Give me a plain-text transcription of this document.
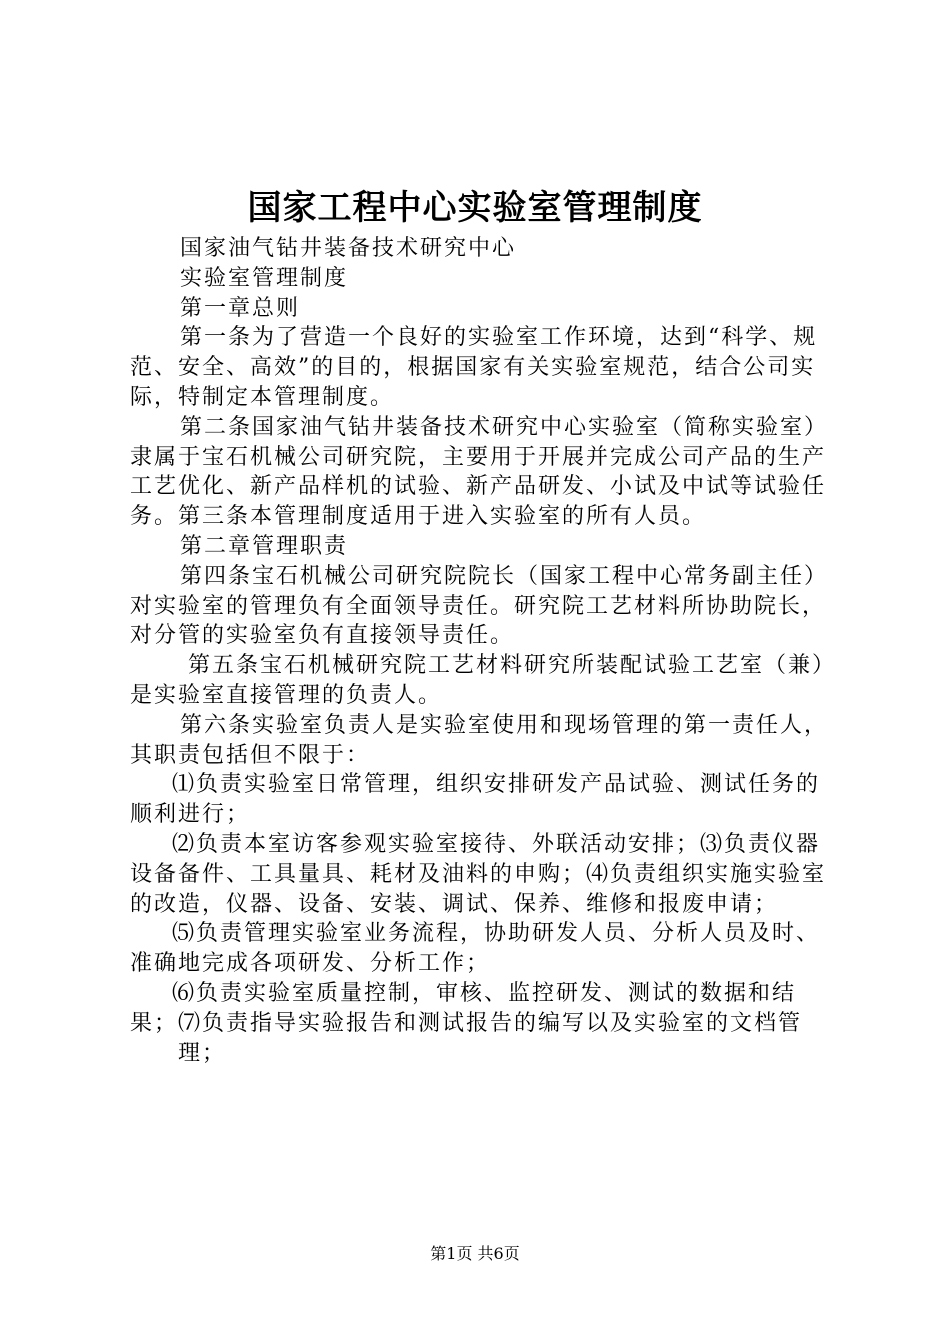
国家工程中心实验室管理制度

国家油气钻井装备技术研究中心

实验室管理制度

第一章总则

第一条为了营造一个良好的实验室工作环境，达到“科学、规范、安全、高效”的目的，根据国家有关实验室规范，结合公司实际，特制定本管理制度。

第二条国家油气钻井装备技术研究中心实验室（简称实验室）隶属于宝石机械公司研究院，主要用于开展并完成公司产品的生产工艺优化、新产品样机的试验、新产品研发、小试及中试等试验任务。第三条本管理制度适用于进入实验室的所有人员。

第二章管理职责

第四条宝石机械公司研究院院长（国家工程中心常务副主任）对实验室的管理负有全面领导责任。研究院工艺材料所协助院长，对分管的实验室负有直接领导责任。

第五条宝石机械研究院工艺材料研究所装配试验工艺室（兼）是实验室直接管理的负责人。

第六条实验室负责人是实验室使用和现场管理的第一责任人，其职责包括但不限于：

⑴负责实验室日常管理，组织安排研发产品试验、测试任务的顺利进行；

⑵负责本室访客参观实验室接待、外联活动安排；⑶负责仪器设备备件、工具量具、耗材及油料的申购；⑷负责组织实施实验室的改造，仪器、设备、安装、调试、保养、维修和报废申请；

⑸负责管理实验室业务流程，协助研发人员、分析人员及时、准确地完成各项研发、分析工作；

⑹负责实验室质量控制，审核、监控研发、测试的数据和结果；⑺负责指导实验报告和测试报告的编写以及实验室的文档管

理；

第1页 共6页
